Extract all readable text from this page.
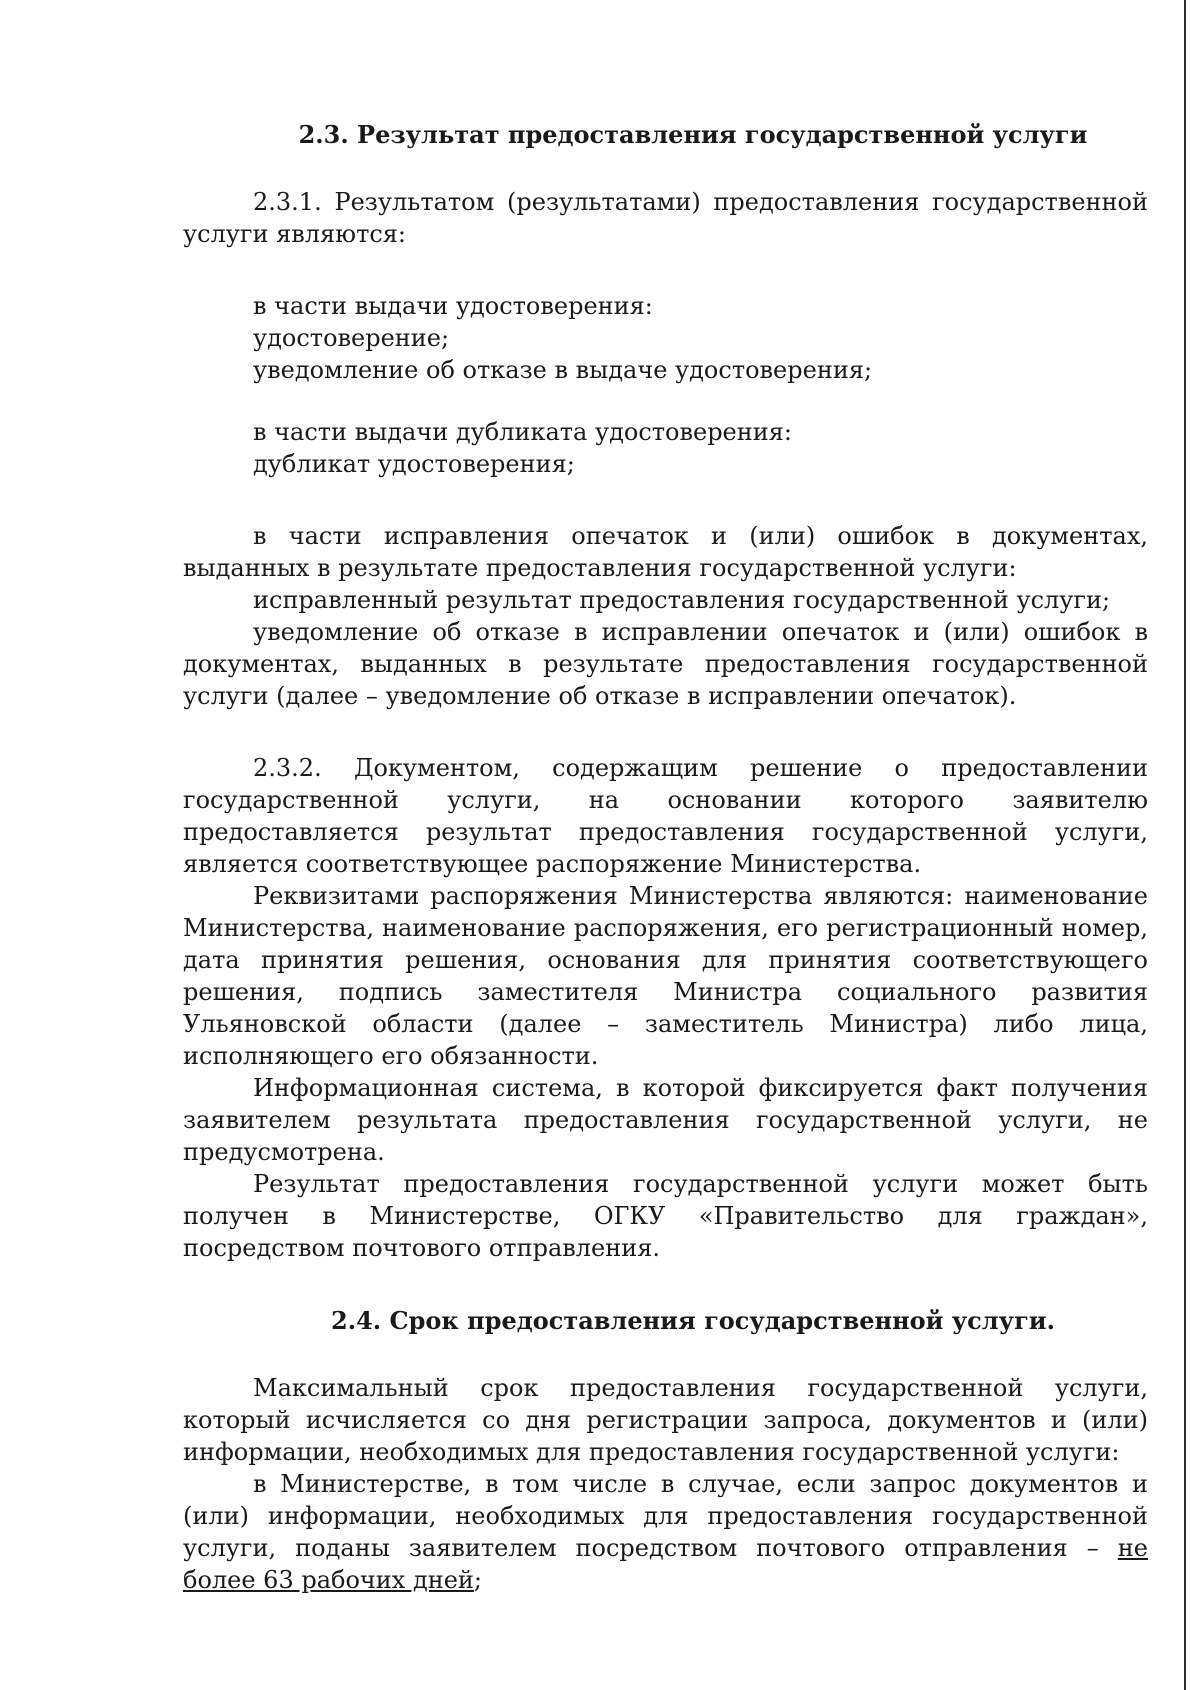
2.3. Результат предоставления государственной услуги

2.3.1. Результатом (результатами) предоставления государственной услуги являются:

в части выдачи удостоверения:

удостоверение;

уведомление об отказе в выдаче удостоверения;

в части выдачи дубликата удостоверения:

дубликат удостоверения;

в части исправления опечаток и (или) ошибок в документах, выданных в результате предоставления государственной услуги:

исправленный результат предоставления государственной услуги;

уведомление об отказе в исправлении опечаток и (или) ошибок в документах, выданных в результате предоставления государственной услуги (далее – уведомление об отказе в исправлении опечаток).

2.3.2. Документом, содержащим решение о предоставлении государственной услуги, на основании которого заявителю предоставляется результат предоставления государственной услуги, является соответствующее распоряжение Министерства.

Реквизитами распоряжения Министерства являются: наименование Министерства, наименование распоряжения, его регистрационный номер, дата принятия решения, основания для принятия соответствующего решения, подпись заместителя Министра социального развития Ульяновской области (далее – заместитель Министра) либо лица, исполняющего его обязанности.

Информационная система, в которой фиксируется факт получения заявителем результата предоставления государственной услуги, не предусмотрена.

Результат предоставления государственной услуги может быть получен в Министерстве, ОГКУ «Правительство для граждан», посредством почтового отправления.

2.4. Срок предоставления государственной услуги.

Максимальный срок предоставления государственной услуги, который исчисляется со дня регистрации запроса, документов и (или) информации, необходимых для предоставления государственной услуги:

в Министерстве, в том числе в случае, если запрос документов и (или) информации, необходимых для предоставления государственной услуги, поданы заявителем посредством почтового отправления – не более 63 рабочих дней;
